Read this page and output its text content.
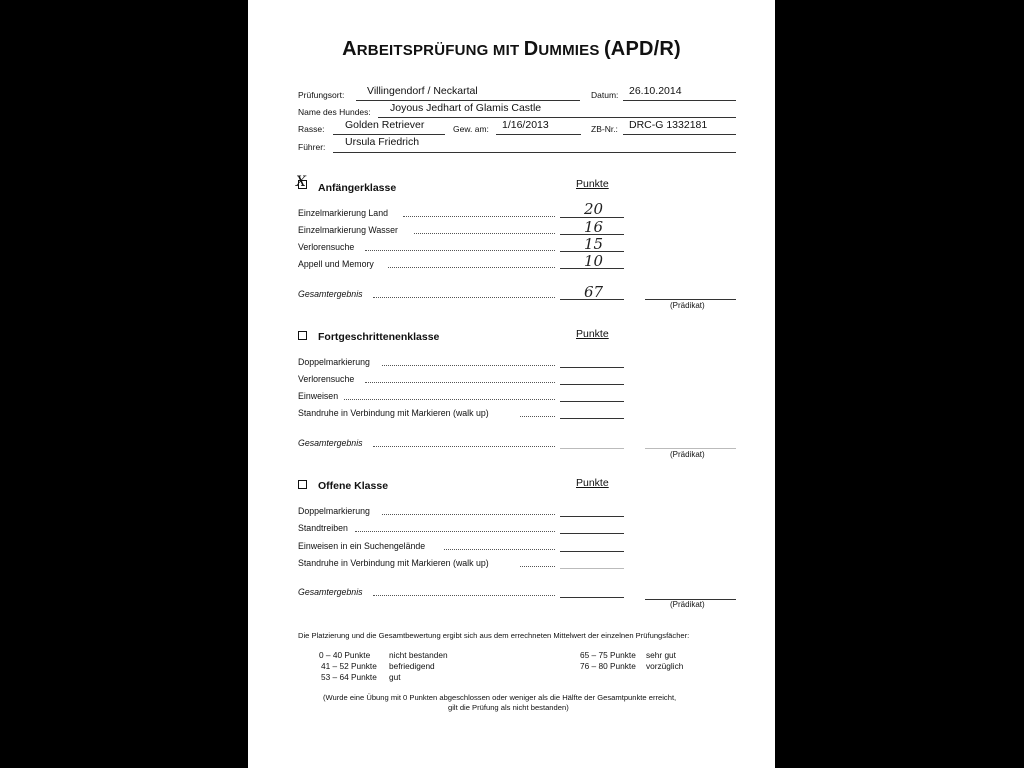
ARBEITSPRÜFUNG MIT DUMMIES (APD/R)
Prüfungsort: Villingendorf / Neckartal	Datum: 26.10.2014
Name des Hundes: Joyous Jedhart of Glamis Castle
Rasse: Golden Retriever	Gew. am: 1/16/2013	ZB-Nr.: DRC-G 1332181
Führer: Ursula Friedrich
X Anfängerklasse	Punkte
Einzelmarkierung Land	20
Einzelmarkierung Wasser	16
Verlorensuche	15
Appell und Memory	10
Gesamtergebnis	67
(Prädikat)
Fortgeschrittenenklasse	Punkte
Doppelmarkierung
Verlorensuche
Einweisen
Standruhe in Verbindung mit Markieren (walk up)
Gesamtergebnis
(Prädikat)
Offene Klasse	Punkte
Doppelmarkierung
Standtreiben
Einweisen in ein Suchengelände
Standruhe in Verbindung mit Markieren (walk up)
Gesamtergebnis
(Prädikat)
Die Platzierung und die Gesamtbewertung ergibt sich aus dem errechneten Mittelwert der einzelnen Prüfungsfächer:
0 – 40 Punkte nicht bestanden
41 – 52 Punkte befriedigend
53 – 64 Punkte gut
65 – 75 Punkte sehr gut
76 – 80 Punkte vorzüglich
(Wurde eine Übung mit 0 Punkten abgeschlossen oder weniger als die Hälfte der Gesamtpunkte erreicht,
gilt die Prüfung als nicht bestanden)
